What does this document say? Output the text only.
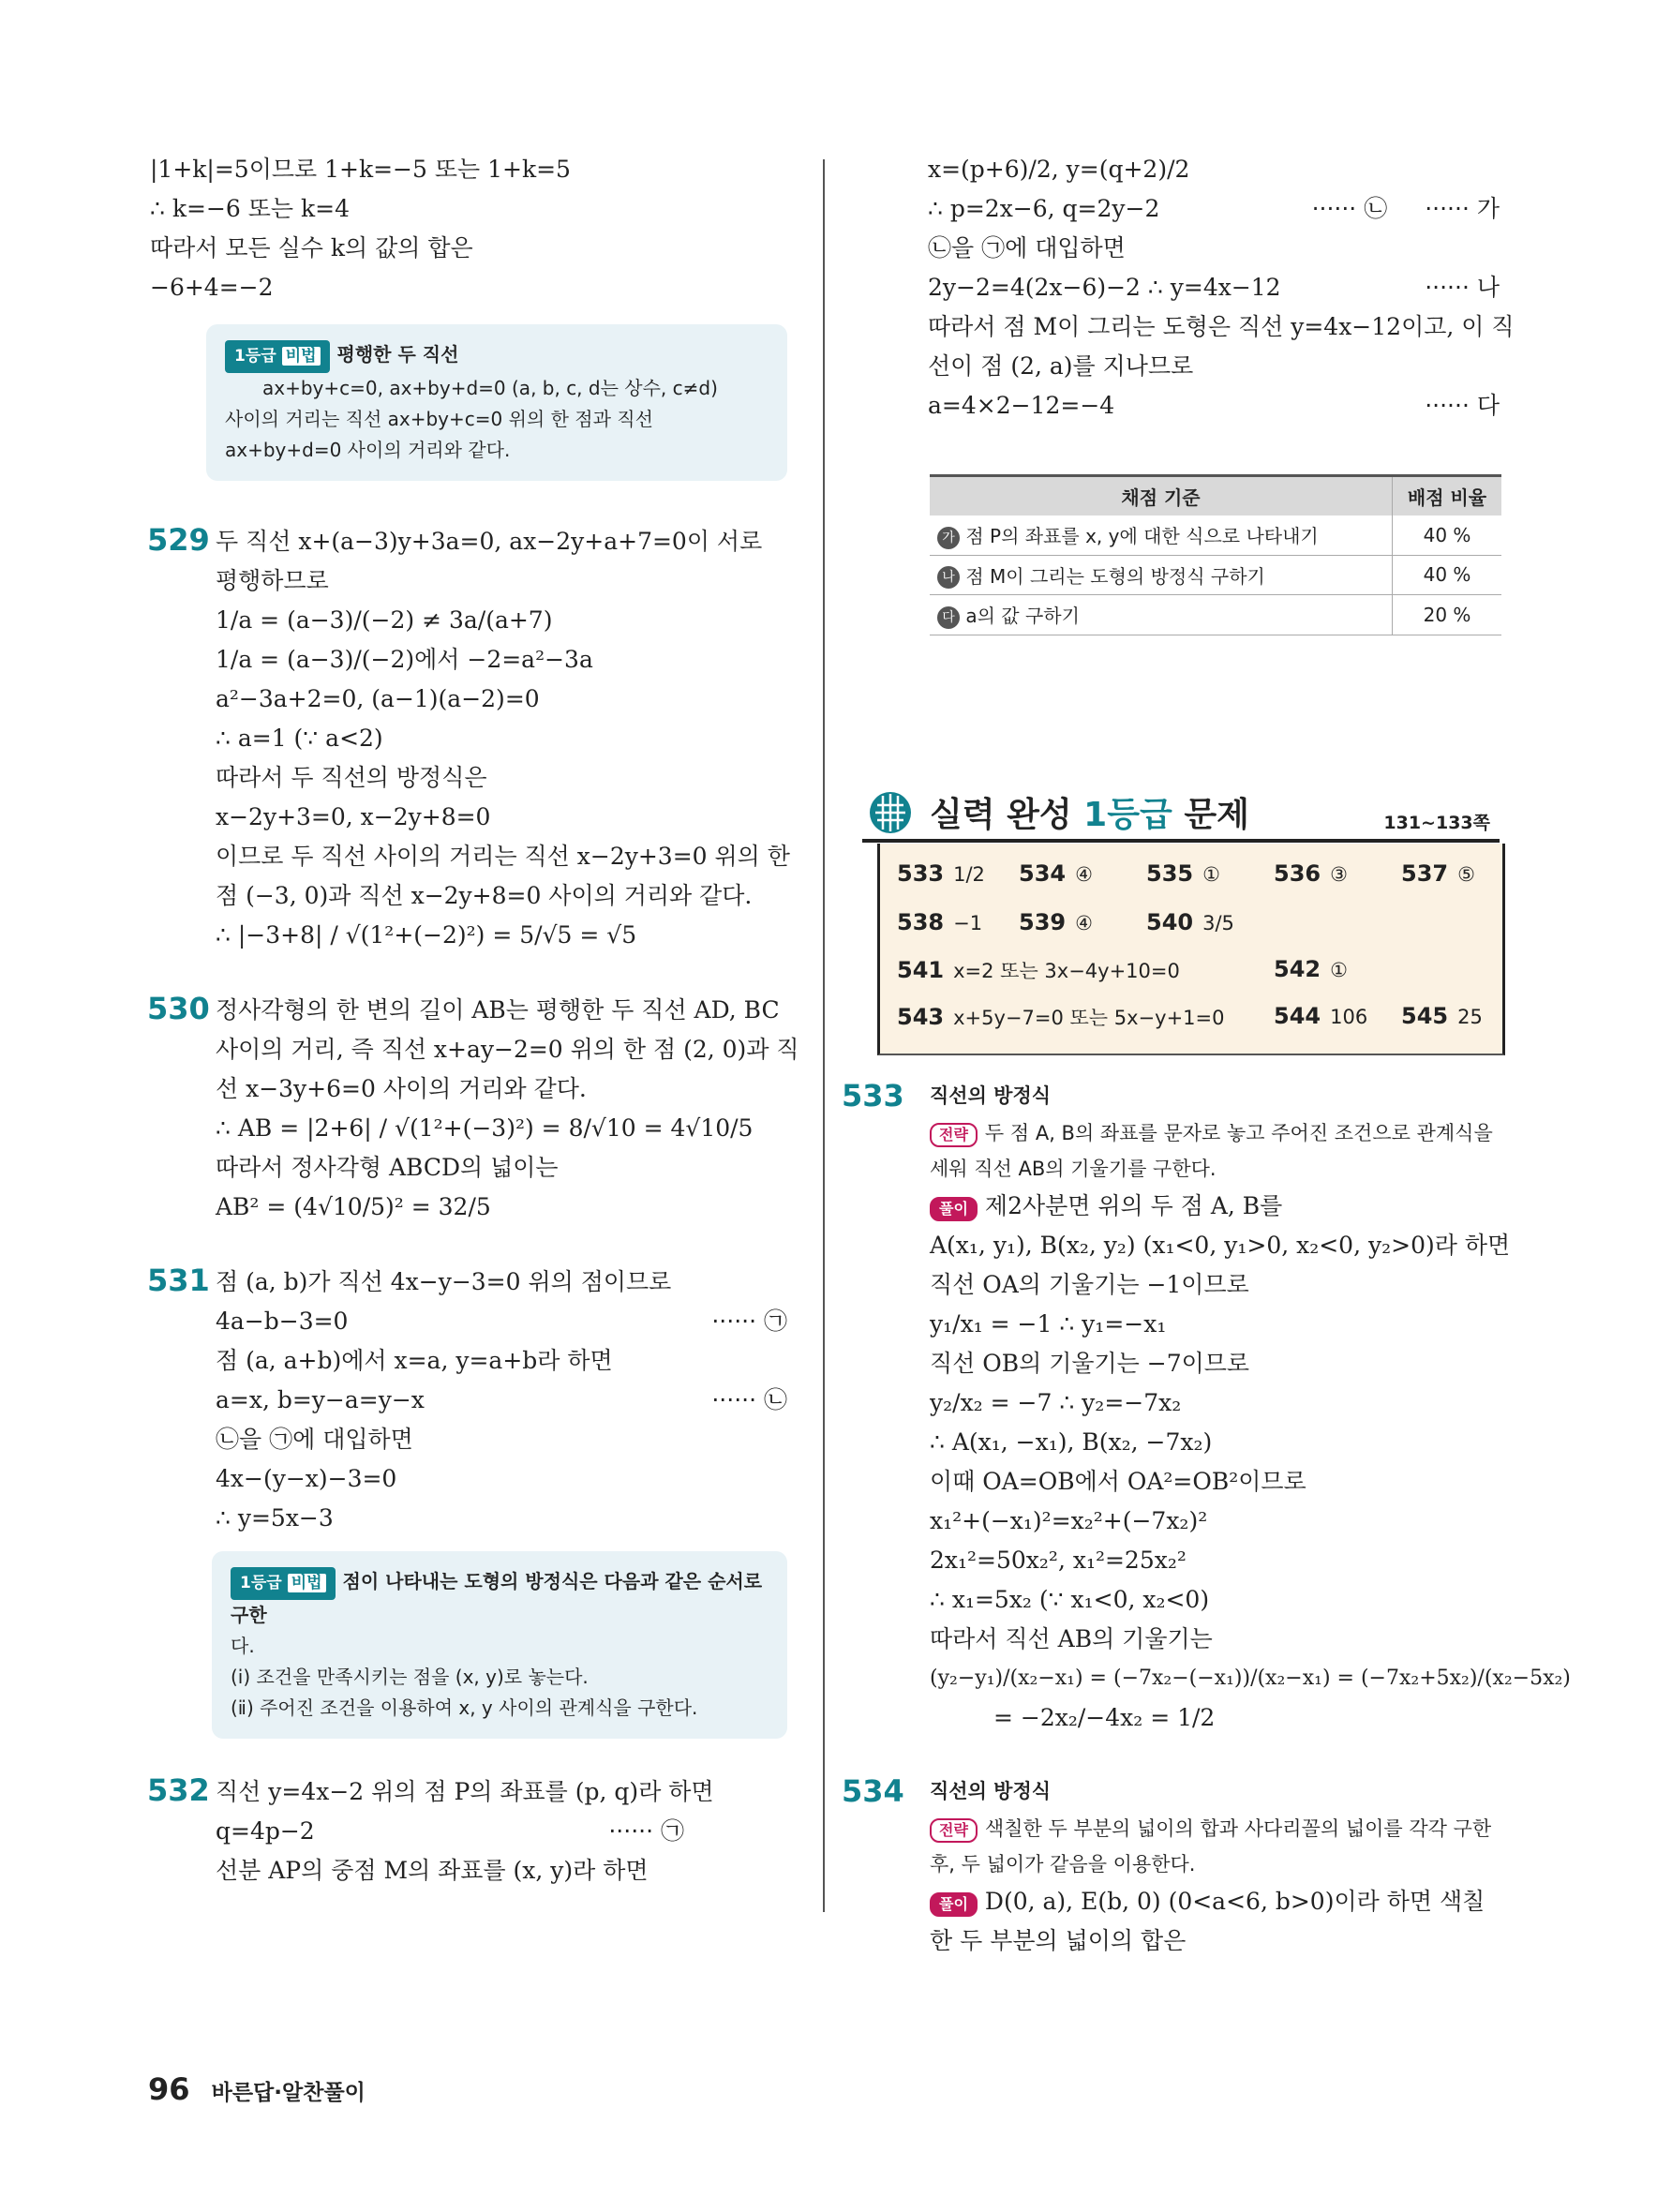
|1+k|=5이므로 1+k=−5 또는 1+k=5
∴ k=−6 또는 k=4
따라서 모든 실수 k의 값의 합은
−6+4=−2
1등급 비법 평행한 두 직선
ax+by+c=0, ax+by+d=0 (a, b, c, d는 상수, c≠d)
사이의 거리는 직선 ax+by+c=0 위의 한 점과 직선
ax+by+d=0 사이의 거리와 같다.
529 두 직선 x+(a−3)y+3a=0, ax−2y+a+7=0이 서로
평행하므로
1/a = (a−3)/(−2) ≠ 3a/(a+7)
1/a = (a−3)/(−2)에서 −2=a²−3a
a²−3a+2=0, (a−1)(a−2)=0
∴ a=1 (∵ a<2)
따라서 두 직선의 방정식은
x−2y+3=0, x−2y+8=0
이므로 두 직선 사이의 거리는 직선 x−2y+3=0 위의 한
점 (−3, 0)과 직선 x−2y+8=0 사이의 거리와 같다.
∴ |−3+8| / √(1²+(−2)²) = 5/√5 = √5
530 정사각형의 한 변의 길이 AB는 평행한 두 직선 AD, BC
사이의 거리, 즉 직선 x+ay−2=0 위의 한 점 (2, 0)과 직
선 x−3y+6=0 사이의 거리와 같다.
∴ AB = |2+6| / √(1²+(−3)²) = 8/√10 = 4√10/5
따라서 정사각형 ABCD의 넓이는
AB² = (4√10/5)² = 32/5
531 점 (a, b)가 직선 4x−y−3=0 위의 점이므로
4a−b−3=0	······ ㉠
점 (a, a+b)에서 x=a, y=a+b라 하면
a=x, b=y−a=y−x	······ ㉡
㉡을 ㉠에 대입하면
4x−(y−x)−3=0
∴ y=5x−3
1등급 비법 점이 나타내는 도형의 방정식은 다음과 같은 순서로 구한
다.
(ⅰ) 조건을 만족시키는 점을 (x, y)로 놓는다.
(ⅱ) 주어진 조건을 이용하여 x, y 사이의 관계식을 구한다.
532 직선 y=4x−2 위의 점 P의 좌표를 (p, q)라 하면
q=4p−2	······ ㉠
선분 AP의 중점 M의 좌표를 (x, y)라 하면
x=(p+6)/2, y=(q+2)/2
∴ p=2x−6, q=2y−2	······ 가
······ ㉡
㉡을 ㉠에 대입하면
2y−2=4(2x−6)−2 ∴ y=4x−12	······ 나
따라서 점 M이 그리는 도형은 직선 y=4x−12이고, 이 직
선이 점 (2, a)를 지나므로
a=4×2−12=−4	······ 다
채점 기준	배점 비율
가 점 P의 좌표를 x, y에 대한 식으로 나타내기	40 %
나 점 M이 그리는 도형의 방정식 구하기	40 %
다 a의 값 구하기	20 %
실력 완성 1등급 문제	131~133쪽
533 1/2 534 ④ 535 ① 536 ③ 537 ⑤
538 −1 539 ④ 540 3/5
541 x=2 또는 3x−4y+10=0	542 ①
543 x+5y−7=0 또는 5x−y+1=0 544 106 545 25
533	직선의 방정식
전략 두 점 A, B의 좌표를 문자로 놓고 주어진 조건으로 관계식을
세워 직선 AB의 기울기를 구한다.
풀이 제2사분면 위의 두 점 A, B를
A(x₁, y₁), B(x₂, y₂) (x₁<0, y₁>0, x₂<0, y₂>0)라 하면
직선 OA의 기울기는 −1이므로
y₁/x₁ = −1 ∴ y₁=−x₁
직선 OB의 기울기는 −7이므로
y₂/x₂ = −7 ∴ y₂=−7x₂
∴ A(x₁, −x₁), B(x₂, −7x₂)
이때 OA=OB에서 OA²=OB²이므로
x₁²+(−x₁)²=x₂²+(−7x₂)²
2x₁²=50x₂², x₁²=25x₂²
∴ x₁=5x₂ (∵ x₁<0, x₂<0)
따라서 직선 AB의 기울기는
(y₂−y₁)/(x₂−x₁) = (−7x₂−(−x₁))/(x₂−x₁) = (−7x₂+5x₂)/(x₂−5x₂)
= −2x₂/−4x₂ = 1/2
534	직선의 방정식
전략 색칠한 두 부분의 넓이의 합과 사다리꼴의 넓이를 각각 구한
후, 두 넓이가 같음을 이용한다.
풀이 D(0, a), E(b, 0) (0<a<6, b>0)이라 하면 색칠
한 두 부분의 넓이의 합은
96 바른답·알찬풀이
